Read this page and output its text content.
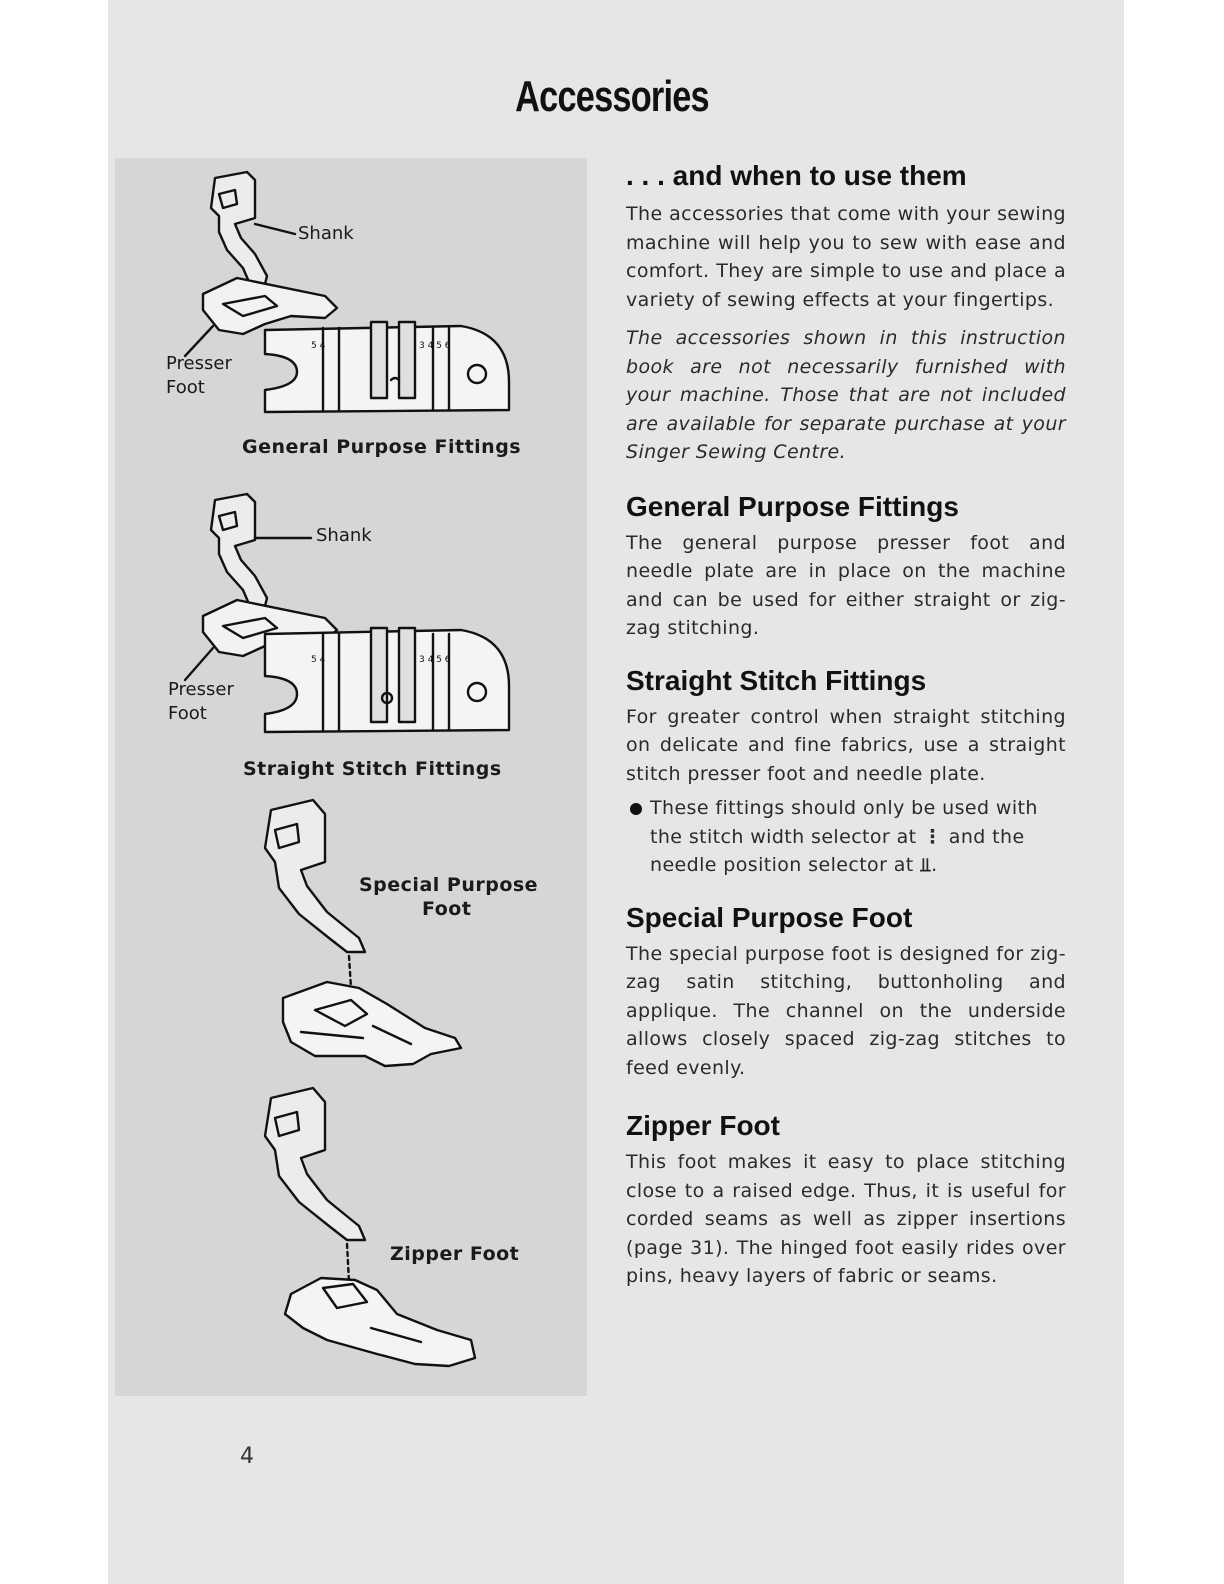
Accessories
5 4	3 4 5 6
5 4	3 4 5 6
Shank
Presser
Foot
General Purpose Fittings
Shank
Presser
Foot
Straight Stitch Fittings
Special Purpose
Foot
Zipper Foot
. . . and when to use them

The accessories that come with your sewing machine will help you to sew with ease and comfort. They are simple to use and place a variety of sewing effects at your fingertips.

The accessories shown in this instruction book are not necessarily furnished with your machine. Those that are not included are available for separate purchase at your Singer Sewing Centre.

General Purpose Fittings

The general purpose presser foot and needle plate are in place on the machine and can be used for either straight or zig-zag stitching.

Straight Stitch Fittings

For greater control when straight stitching on delicate and fine fabrics, use a straight stitch presser foot and needle plate.

These fittings should only be used with the stitch width selector at ⋮ and the needle position selector at ⫫.

Special Purpose Foot

The special purpose foot is designed for zig-zag satin stitching, buttonholing and applique. The channel on the underside allows closely spaced zig-zag stitches to feed evenly.

Zipper Foot

This foot makes it easy to place stitching close to a raised edge. Thus, it is useful for corded seams as well as zipper insertions (page 31). The hinged foot easily rides over pins, heavy layers of fabric or seams.

4
